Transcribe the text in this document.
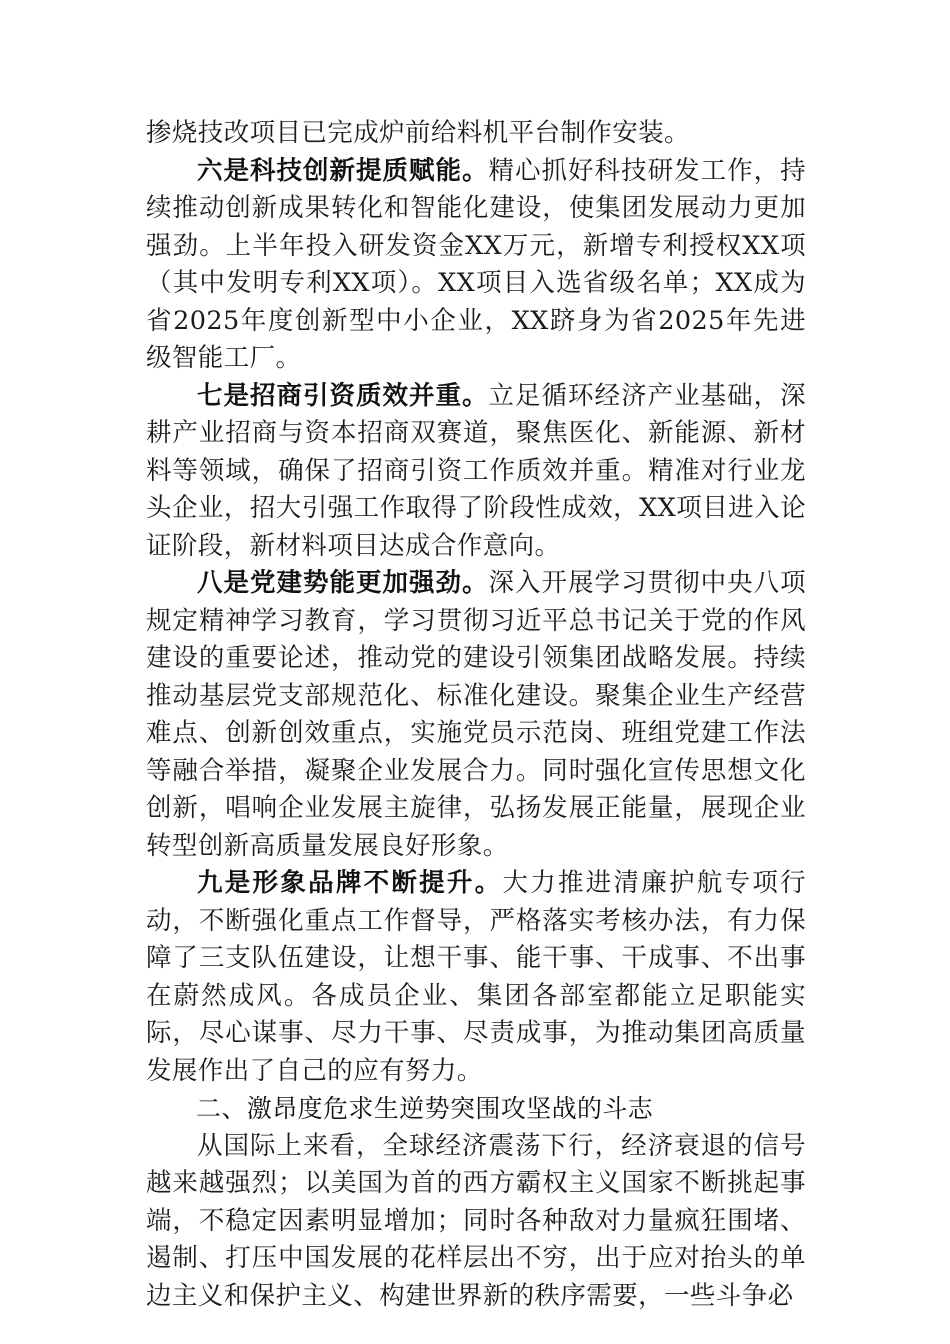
掺烧技改项目已完成炉前给料机平台制作安装。

六是科技创新提质赋能。精心抓好科技研发工作，持续推动创新成果转化和智能化建设，使集团发展动力更加强劲。上半年投入研发资金XX万元，新增专利授权XX项（其中发明专利XX项）。XX项目入选省级名单；XX成为省2025年度创新型中小企业，XX跻身为省2025年先进级智能工厂。

七是招商引资质效并重。立足循环经济产业基础，深耕产业招商与资本招商双赛道，聚焦医化、新能源、新材料等领域，确保了招商引资工作质效并重。精准对行业龙头企业，招大引强工作取得了阶段性成效，XX项目进入论证阶段，新材料项目达成合作意向。

八是党建势能更加强劲。深入开展学习贯彻中央八项规定精神学习教育，学习贯彻习近平总书记关于党的作风建设的重要论述，推动党的建设引领集团战略发展。持续推动基层党支部规范化、标准化建设。聚集企业生产经营难点、创新创效重点，实施党员示范岗、班组党建工作法等融合举措，凝聚企业发展合力。同时强化宣传思想文化创新，唱响企业发展主旋律，弘扬发展正能量，展现企业转型创新高质量发展良好形象。

九是形象品牌不断提升。大力推进清廉护航专项行动，不断强化重点工作督导，严格落实考核办法，有力保障了三支队伍建设，让想干事、能干事、干成事、不出事在蔚然成风。各成员企业、集团各部室都能立足职能实际，尽心谋事、尽力干事、尽责成事，为推动集团高质量发展作出了自己的应有努力。

二、激昂度危求生逆势突围攻坚战的斗志

从国际上来看，全球经济震荡下行，经济衰退的信号越来越强烈；以美国为首的西方霸权主义国家不断挑起事端，不稳定因素明显增加；同时各种敌对力量疯狂围堵、遏制、打压中国发展的花样层出不穷，出于应对抬头的单边主义和保护主义、构建世界新的秩序需要，一些斗争必
